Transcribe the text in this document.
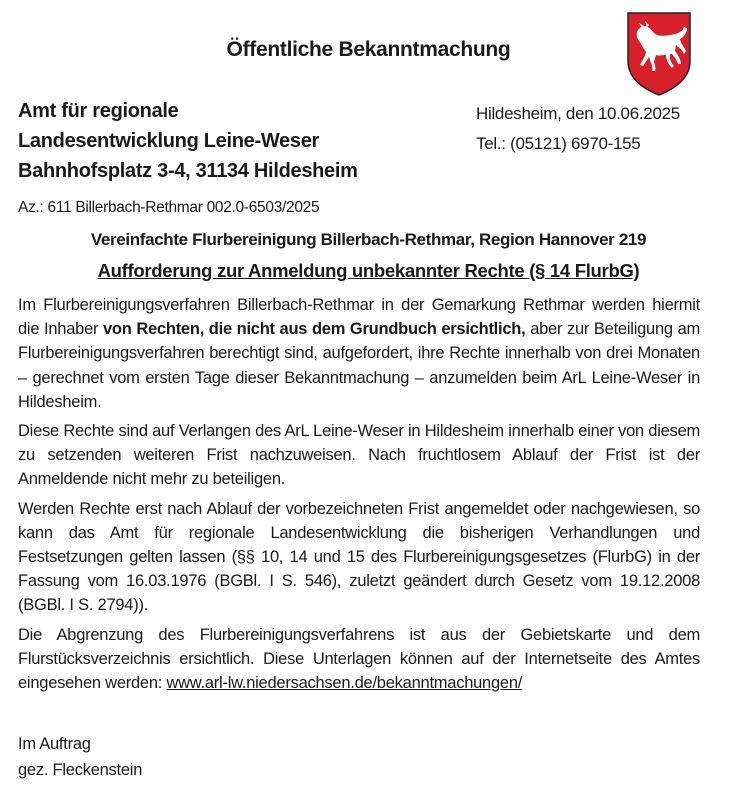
Öffentliche Bekanntmachung
Amt für regionale
Landesentwicklung Leine-Weser
Bahnhofsplatz 3-4, 31134 Hildesheim
Hildesheim, den 10.06.2025
Tel.: (05121) 6970-155
Az.: 611 Billerbach-Rethmar 002.0-6503/2025
Vereinfachte Flurbereinigung Billerbach-Rethmar, Region Hannover 219
Aufforderung zur Anmeldung unbekannter Rechte (§ 14 FlurbG)

Im Flurbereinigungsverfahren Billerbach-Rethmar in der Gemarkung Rethmar werden hiermit die Inhaber von Rechten, die nicht aus dem Grundbuch ersichtlich, aber zur Beteiligung am Flurbereinigungsverfahren berechtigt sind, aufgefordert, ihre Rechte innerhalb von drei Monaten – gerechnet vom ersten Tage dieser Bekanntmachung – anzumelden beim ArL Leine-Weser in Hildesheim.

Diese Rechte sind auf Verlangen des ArL Leine-Weser in Hildesheim innerhalb einer von diesem zu setzenden weiteren Frist nachzuweisen. Nach fruchtlosem Ablauf der Frist ist der Anmeldende nicht mehr zu beteiligen.

Werden Rechte erst nach Ablauf der vorbezeichneten Frist angemeldet oder nachgewiesen, so kann das Amt für regionale Landesentwicklung die bisherigen Verhandlungen und Festsetzungen gelten lassen (§§ 10, 14 und 15 des Flurbereinigungsgesetzes (FlurbG) in der Fassung vom 16.03.1976 (BGBl. I S. 546), zuletzt geändert durch Gesetz vom 19.12.2008 (BGBl. I S. 2794)).

Die Abgrenzung des Flurbereinigungsverfahrens ist aus der Gebietskarte und dem Flurstücksverzeichnis ersichtlich. Diese Unterlagen können auf der Internetseite des Amtes eingesehen werden: www.arl-lw.niedersachsen.de/bekanntmachungen/

Im Auftrag
gez. Fleckenstein
